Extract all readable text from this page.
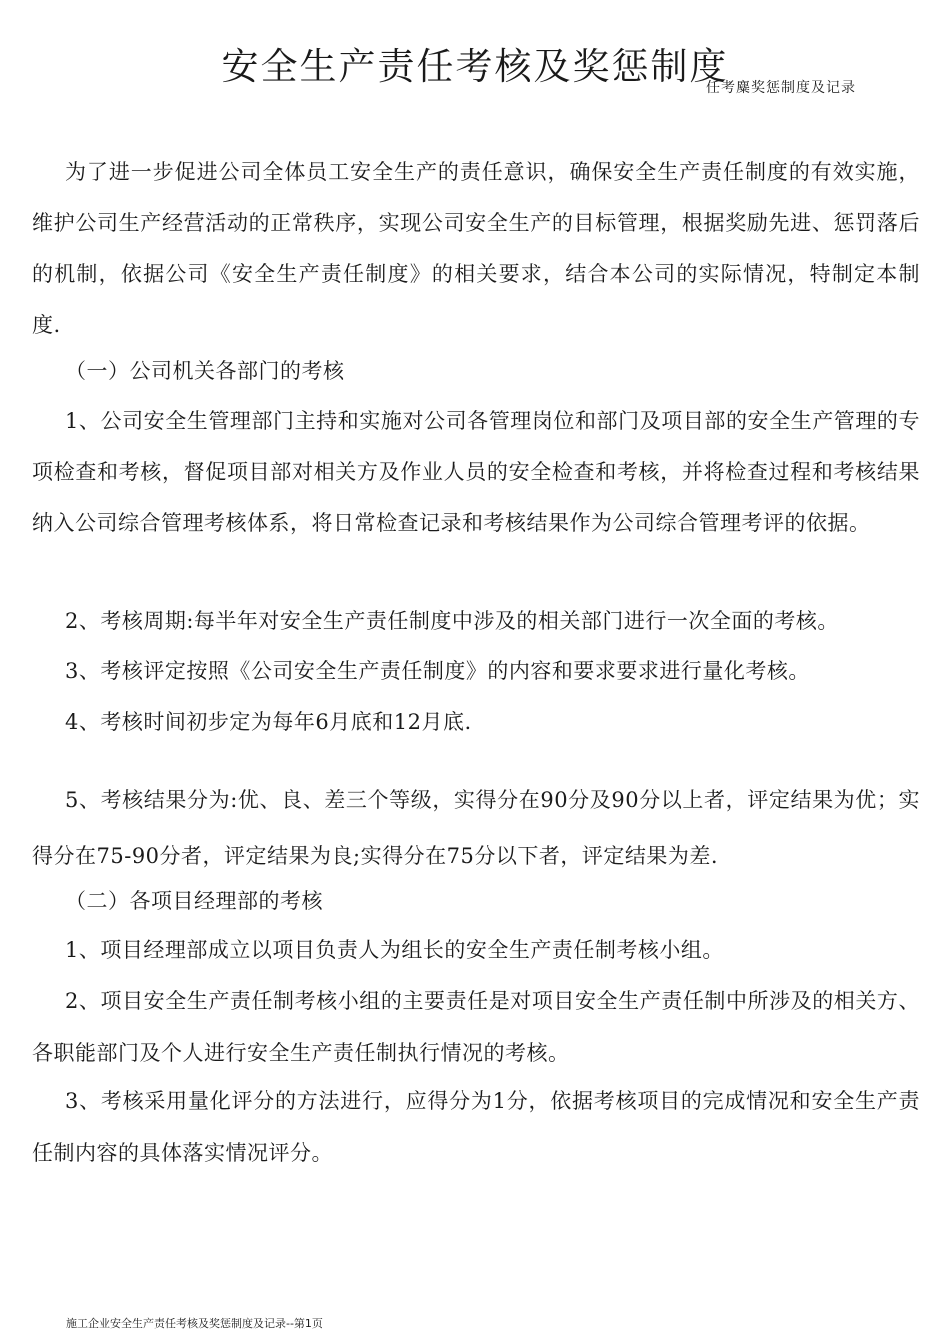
安全生产责任考核及奖惩制度
任考麋奖惩制度及记录

为了进一步促进公司全体员工安全生产的责任意识，确保安全生产责任制度的有效实施，维护公司生产经营活动的正常秩序，实现公司安全生产的目标管理，根据奖励先进、惩罚落后的机制，依据公司《安全生产责任制度》的相关要求，结合本公司的实际情况，特制定本制度.

（一）公司机关各部门的考核

1、公司安全生管理部门主持和实施对公司各管理岗位和部门及项目部的安全生产管理的专项检查和考核，督促项目部对相关方及作业人员的安全检查和考核，并将检查过程和考核结果纳入公司综合管理考核体系，将日常检查记录和考核结果作为公司综合管理考评的依据。

2、考核周期:每半年对安全生产责任制度中涉及的相关部门进行一次全面的考核。

3、考核评定按照《公司安全生产责任制度》的内容和要求要求进行量化考核。

4、考核时间初步定为每年6月底和12月底.

5、考核结果分为:优、良、差三个等级，实得分在90分及90分以上者，评定结果为优；实得分在75-90分者，评定结果为良;实得分在75分以下者，评定结果为差.

（二）各项目经理部的考核

1、项目经理部成立以项目负责人为组长的安全生产责任制考核小组。

2、项目安全生产责任制考核小组的主要责任是对项目安全生产责任制中所涉及的相关方、各职能部门及个人进行安全生产责任制执行情况的考核。

3、考核采用量化评分的方法进行，应得分为1分，依据考核项目的完成情况和安全生产责任制内容的具体落实情况评分。

施工企业安全生产责任考核及奖惩制度及记录--第1页
